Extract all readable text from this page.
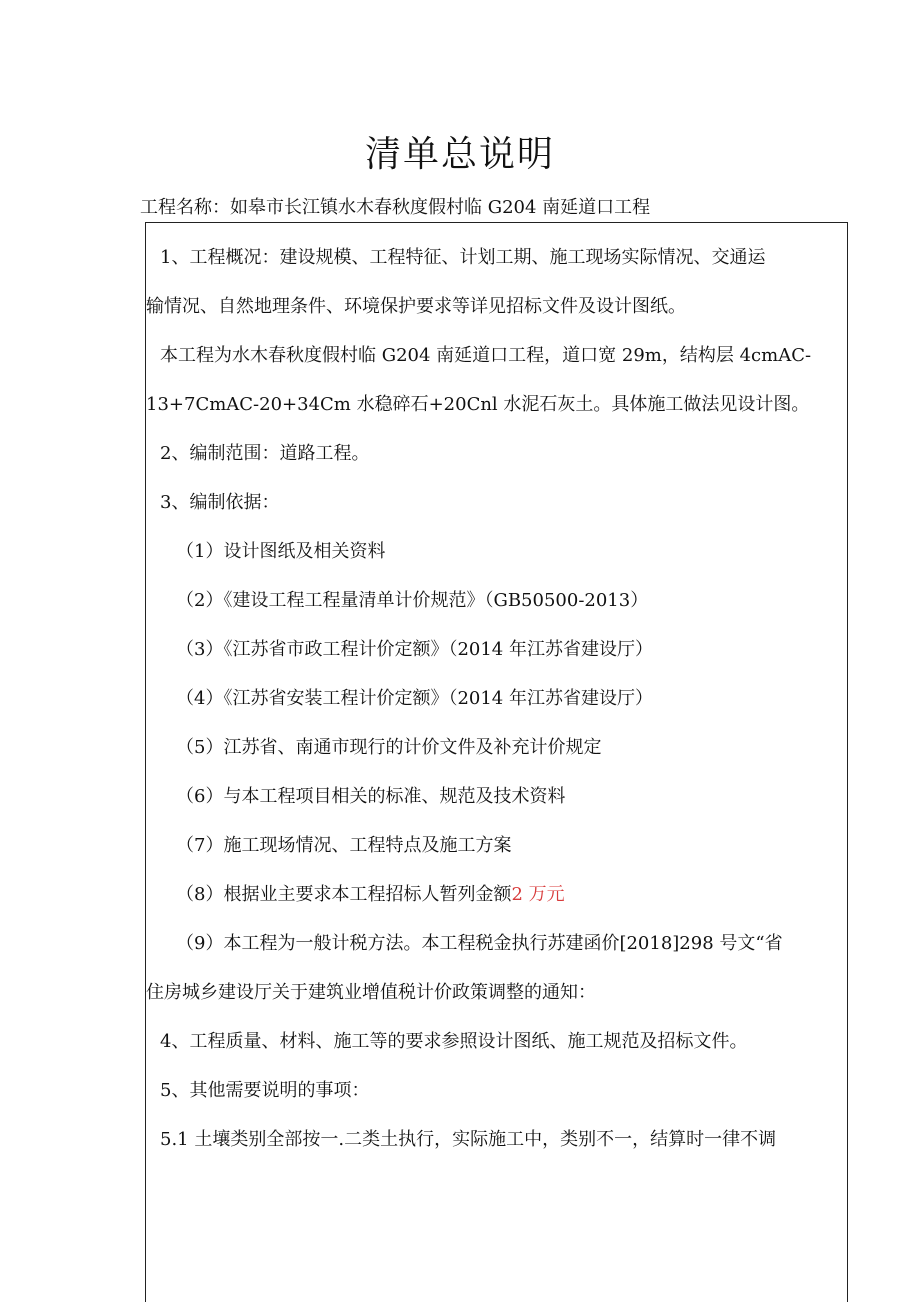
清单总说明
工程名称：如皋市长江镇水木春秋度假村临 G204 南延道口工程
1、工程概况：建设规模、工程特征、计划工期、施工现场实际情况、交通运
输情况、自然地理条件、环境保护要求等详见招标文件及设计图纸。
本工程为水木春秋度假村临 G204 南延道口工程，道口宽 29m，结构层 4cmAC-
13+7CmAC-20+34Cm 水稳碎石+20Cnl 水泥石灰土。具体施工做法见设计图。
2、编制范围：道路工程。
3、编制依据：
（1）设计图纸及相关资料
（2）《建设工程工程量清单计价规范》（GB50500-2013）
（3）《江苏省市政工程计价定额》（2014 年江苏省建设厅）
（4）《江苏省安装工程计价定额》（2014 年江苏省建设厅）
（5）江苏省、南通市现行的计价文件及补充计价规定
（6）与本工程项目相关的标准、规范及技术资料
（7）施工现场情况、工程特点及施工方案
（8）根据业主要求本工程招标人暂列金额2 万元
（9）本工程为一般计税方法。本工程税金执行苏建函价[2018]298 号文“省
住房城乡建设厅关于建筑业增值税计价政策调整的通知：
4、工程质量、材料、施工等的要求参照设计图纸、施工规范及招标文件。
5、其他需要说明的事项：
5.1 土壤类别全部按一.二类土执行，实际施工中，类别不一，结算时一律不调
